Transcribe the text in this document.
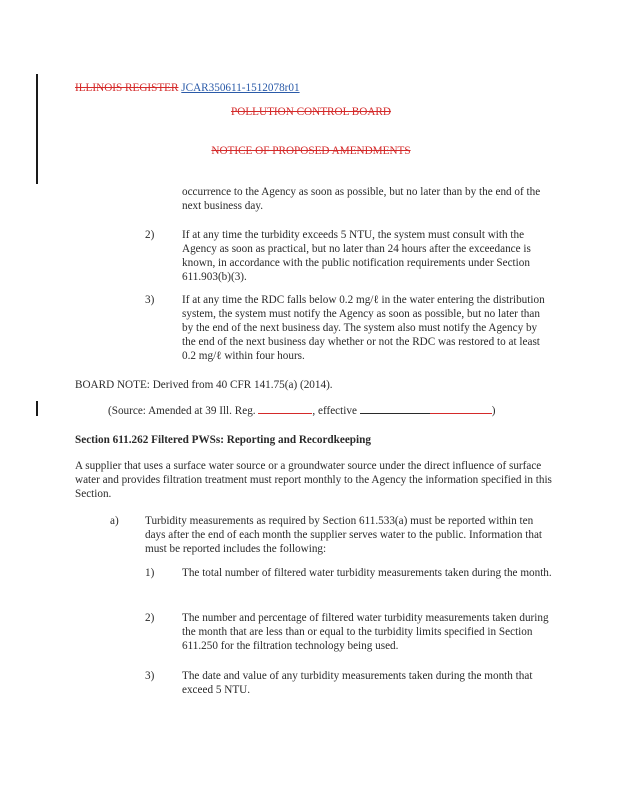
ILLINOIS REGISTER JCAR350611-1512078r01
POLLUTION CONTROL BOARD
NOTICE OF PROPOSED AMENDMENTS
occurrence to the Agency as soon as possible, but no later than by the end of the next business day.
2) If at any time the turbidity exceeds 5 NTU, the system must consult with the Agency as soon as practical, but no later than 24 hours after the exceedance is known, in accordance with the public notification requirements under Section 611.903(b)(3).
3) If at any time the RDC falls below 0.2 mg/ℓ in the water entering the distribution system, the system must notify the Agency as soon as possible, but no later than by the end of the next business day. The system also must notify the Agency by the end of the next business day whether or not the RDC was restored to at least 0.2 mg/ℓ within four hours.
BOARD NOTE: Derived from 40 CFR 141.75(a) (2014).
(Source: Amended at 39 Ill. Reg.	, effective	)
Section 611.262 Filtered PWSs: Reporting and Recordkeeping
A supplier that uses a surface water source or a groundwater source under the direct influence of surface water and provides filtration treatment must report monthly to the Agency the information specified in this Section.
a) Turbidity measurements as required by Section 611.533(a) must be reported within ten days after the end of each month the supplier serves water to the public. Information that must be reported includes the following:
1) The total number of filtered water turbidity measurements taken during the month.
2) The number and percentage of filtered water turbidity measurements taken during the month that are less than or equal to the turbidity limits specified in Section 611.250 for the filtration technology being used.
3) The date and value of any turbidity measurements taken during the month that exceed 5 NTU.
